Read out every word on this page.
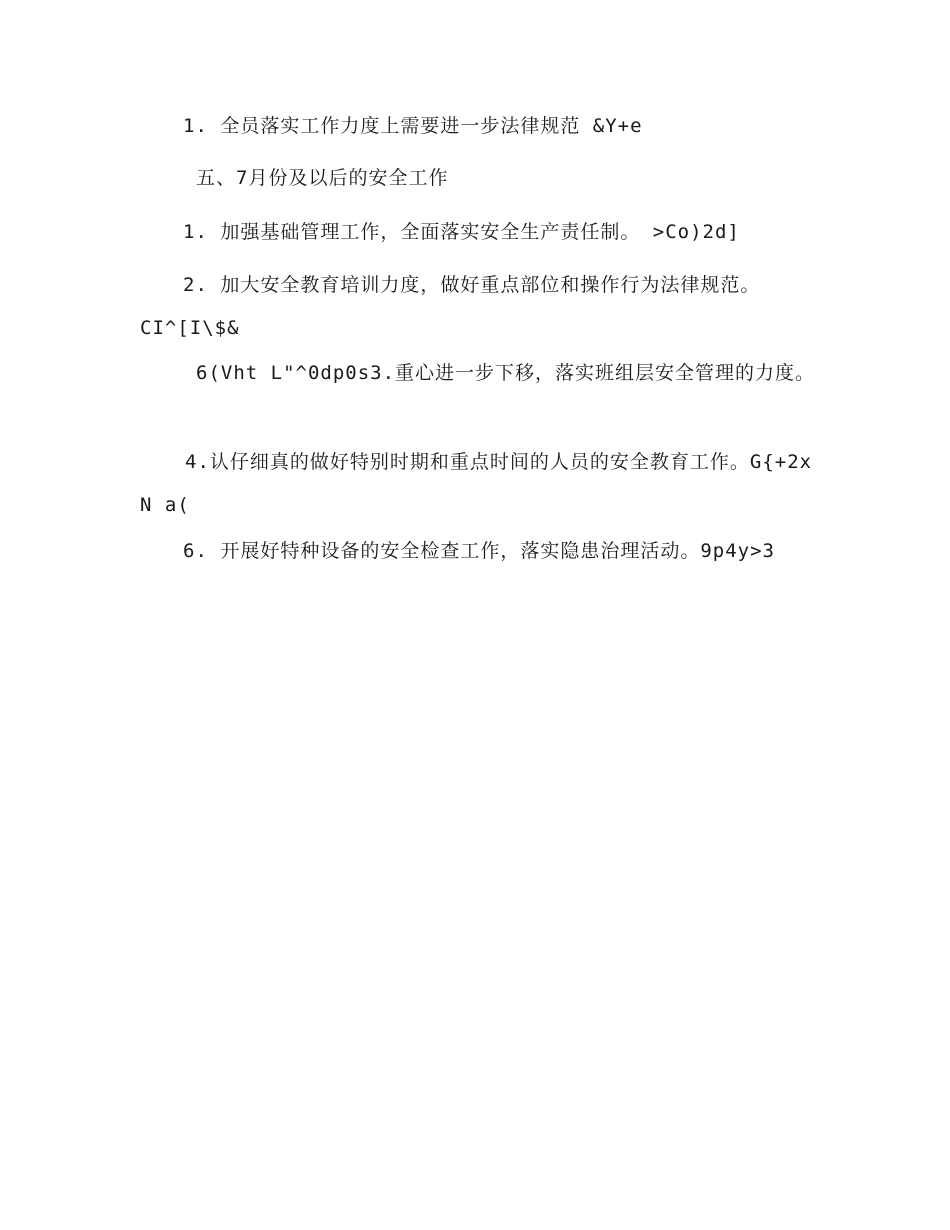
1. 全员落实工作力度上需要进一步法律规范 &Y+e

五、7月份及以后的安全工作

1. 加强基础管理工作，全面落实安全生产责任制。 >Co)2d]

2. 加大安全教育培训力度，做好重点部位和操作行为法律规范。CI^[I\$&

6(Vht L"^0dp0s3.重心进一步下移，落实班组层安全管理的力度。

4.认仔细真的做好特别时期和重点时间的人员的安全教育工作。G{+2x N a(

6. 开展好特种设备的安全检查工作，落实隐患治理活动。9p4y>3
